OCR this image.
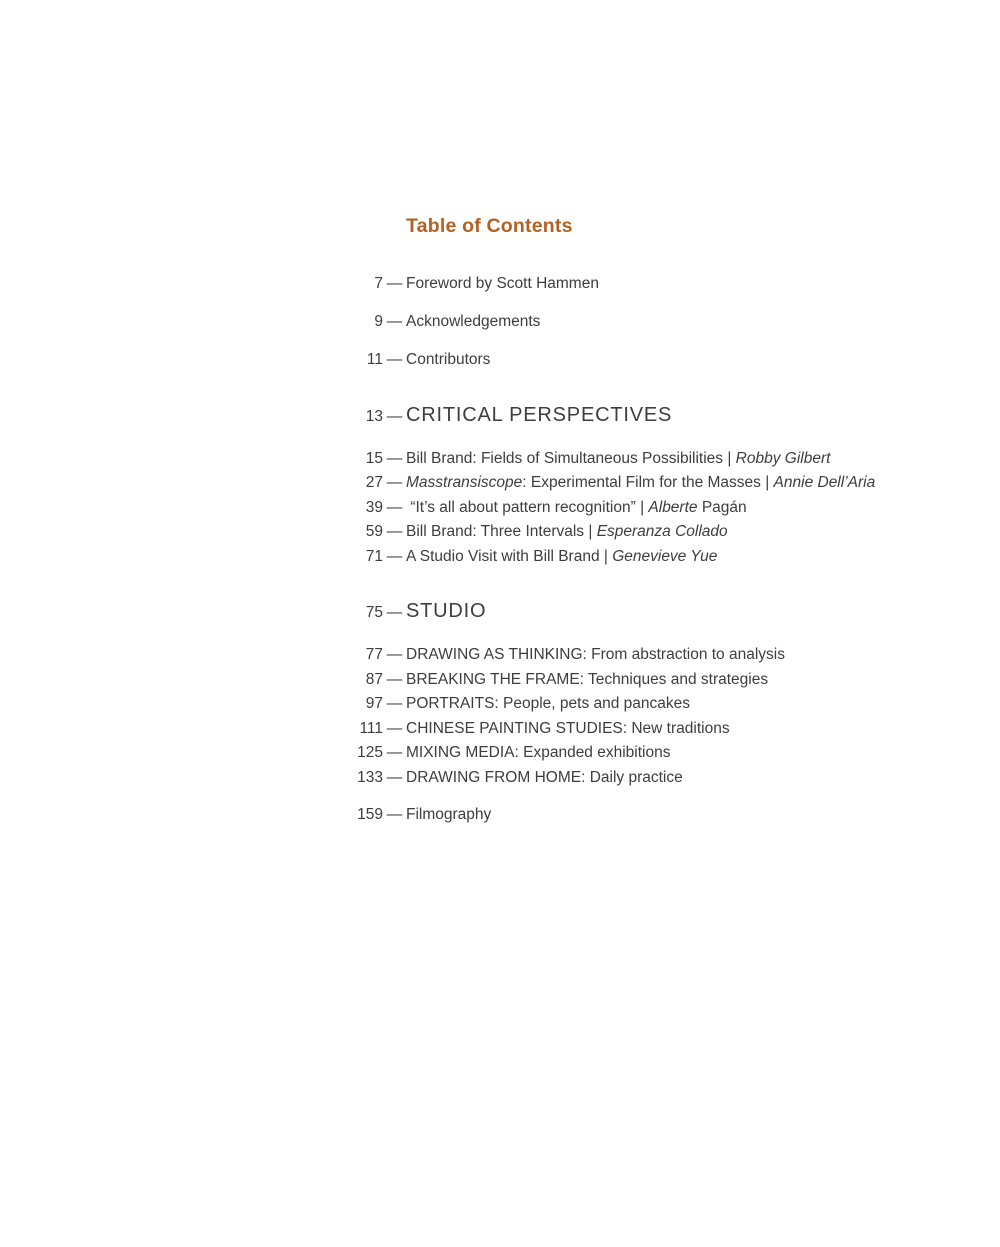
Table of Contents
7 — Foreword by Scott Hammen
9 — Acknowledgements
11 — Contributors
13 — CRITICAL PERSPECTIVES
15 — Bill Brand: Fields of Simultaneous Possibilities | Robby Gilbert
27 — Masstransiscope: Experimental Film for the Masses | Annie Dell’Aria
39 — “It’s all about pattern recognition” | Alberte Pagán
59 — Bill Brand: Three Intervals | Esperanza Collado
71 — A Studio Visit with Bill Brand | Genevieve Yue
75 — STUDIO
77 — DRAWING AS THINKING: From abstraction to analysis
87 — BREAKING THE FRAME: Techniques and strategies
97 — PORTRAITS: People, pets and pancakes
111 — CHINESE PAINTING STUDIES: New traditions
125 — MIXING MEDIA: Expanded exhibitions
133 — DRAWING FROM HOME: Daily practice
159 — Filmography
